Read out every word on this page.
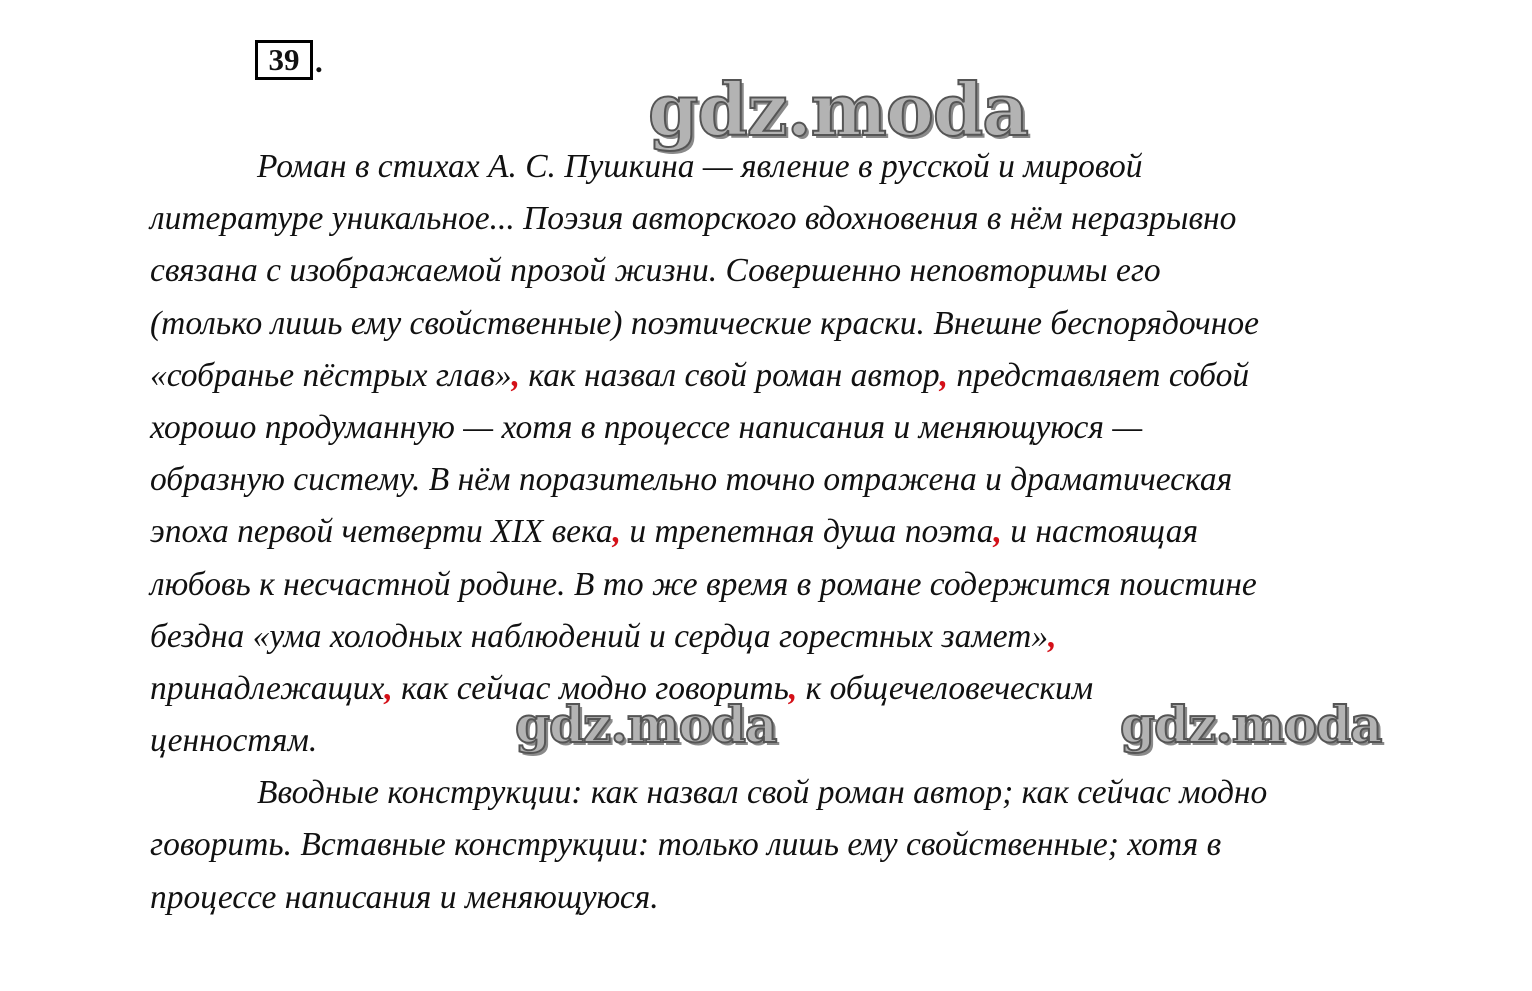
39 .
gdz.moda
Роман в стихах А. С. Пушкина — явление в русской и мировой
литературе уникальное... Поэзия авторского вдохновения в нём неразрывно
связана с изображаемой прозой жизни. Совершенно неповторимы его
(только лишь ему свойственные) поэтические краски. Внешне беспорядочное
«собранье пёстрых глав», как назвал свой роман автор, представляет собой
хорошо продуманную — хотя в процессе написания и меняющуюся —
образную систему. В нём поразительно точно отражена и драматическая
эпоха первой четверти XIX века, и трепетная душа поэта, и настоящая
любовь к несчастной родине. В то же время в романе содержится поистине
бездна «ума холодных наблюдений и сердца горестных замет»,
принадлежащих, как сейчас модно говорить, к общечеловеческим
ценностям.
Вводные конструкции: как назвал свой роман автор; как сейчас модно
говорить. Вставные конструкции: только лишь ему свойственные; хотя в
процессе написания и меняющуюся.
gdz.moda	gdz.moda
